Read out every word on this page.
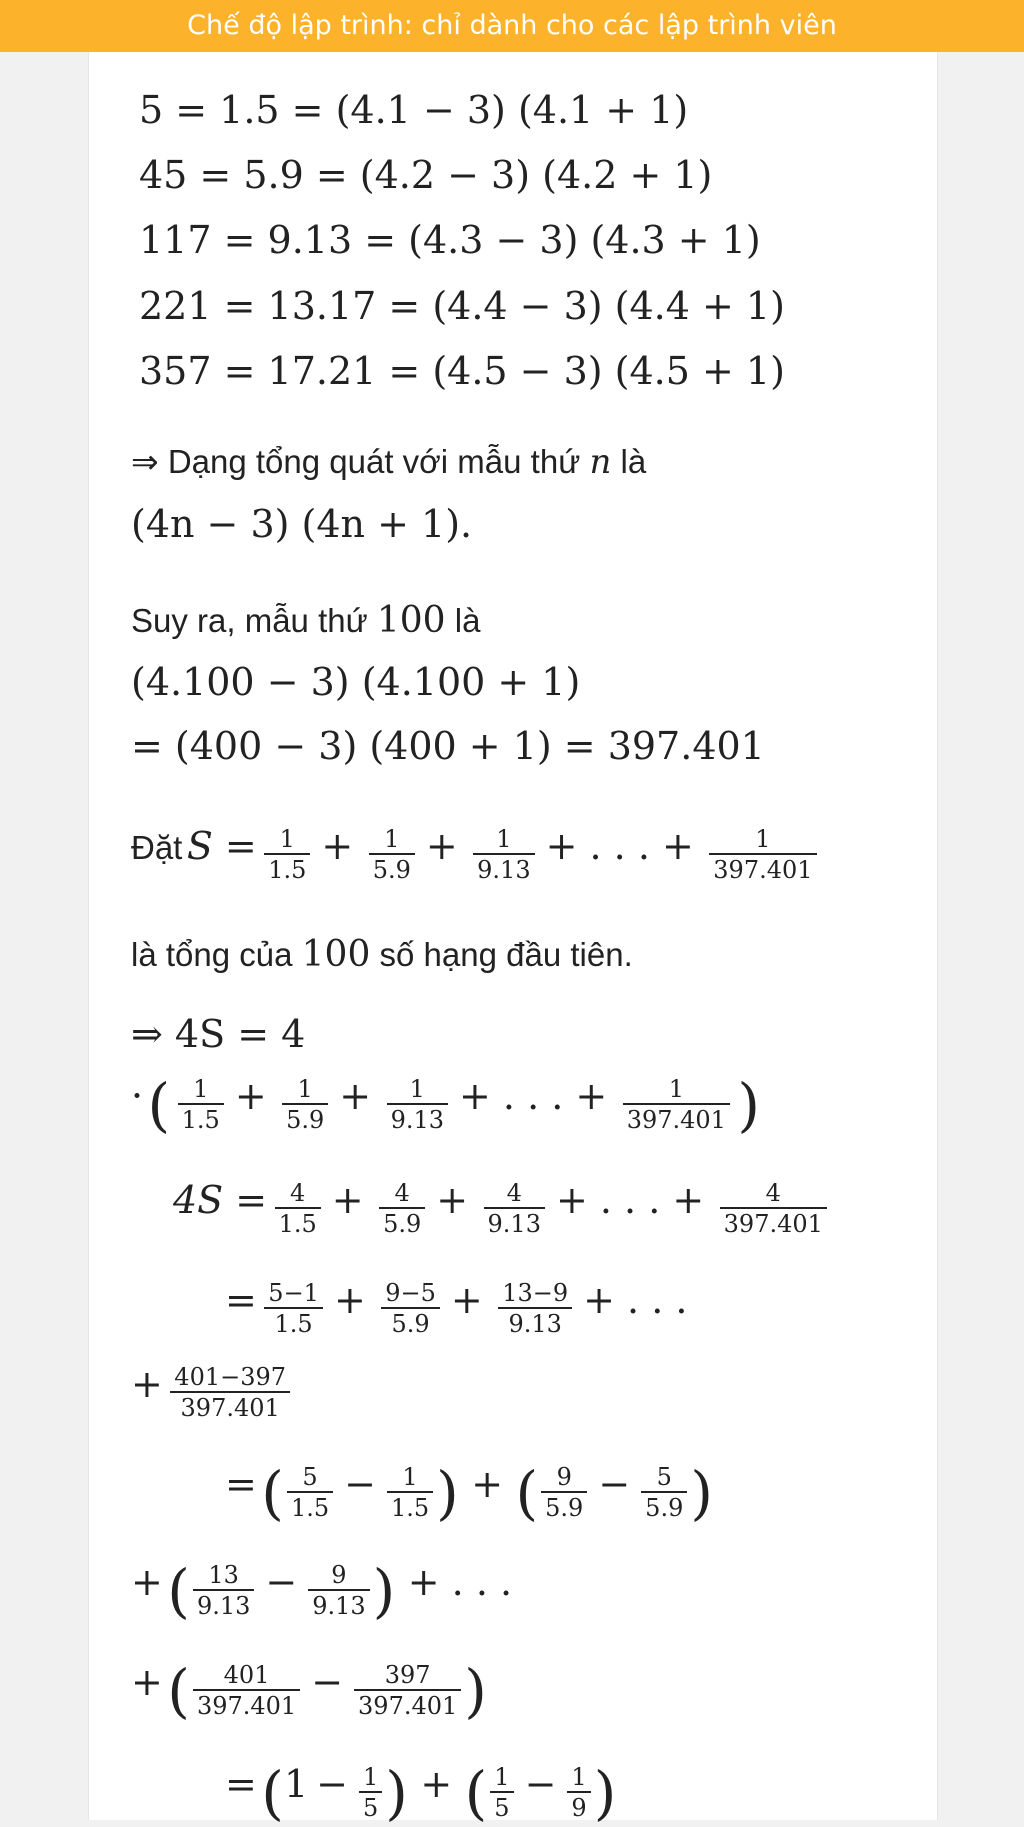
Chế độ lập trình: chỉ dành cho các lập trình viên
5 = 1.5 = (4.1 − 3) (4.1 + 1)
45 = 5.9 = (4.2 − 3) (4.2 + 1)
117 = 9.13 = (4.3 − 3) (4.3 + 1)
221 = 13.17 = (4.4 − 3) (4.4 + 1)
357 = 17.21 = (4.5 − 3) (4.5 + 1)
⇒ Dạng tổng quát với mẫu thứ n là
(4n − 3) (4n + 1).
Suy ra, mẫu thứ 100 là
(4.100 − 3) (4.100 + 1)
= (400 − 3) (400 + 1) = 397.401
Đặt $S = \frac{1}{1.5} + \frac{1}{5.9} + \frac{1}{9.13}$ + . . . + $\frac{1}{397.401}$
là tổng của 100 số hạng đầu tiên.
⇒ 4S = 4
· ( $\frac{1}{1.5} + \frac{1}{5.9} + \frac{1}{9.13}$ + . . . + $\frac{1}{397.401}$ )
$4S = \frac{4}{1.5} + \frac{4}{5.9} + \frac{4}{9.13}$ + . . . + $\frac{4}{397.401}$
= $\frac{5-1}{1.5} + \frac{9-5}{5.9} + \frac{13-9}{9.13}$ + . . .
+ $\frac{401-397}{397.401}$
= ( $\frac{5}{1.5} - \frac{1}{1.5}$ ) + ( $\frac{9}{5.9} - \frac{5}{5.9}$ )
+ ( $\frac{13}{9.13} - \frac{9}{9.13}$ ) + . . .
+ ( $\frac{401}{397.401} - \frac{397}{397.401}$ )
= ($1 - \frac{1}{5}$ ) + ( $\frac{1}{5} - \frac{1}{9}$ )
